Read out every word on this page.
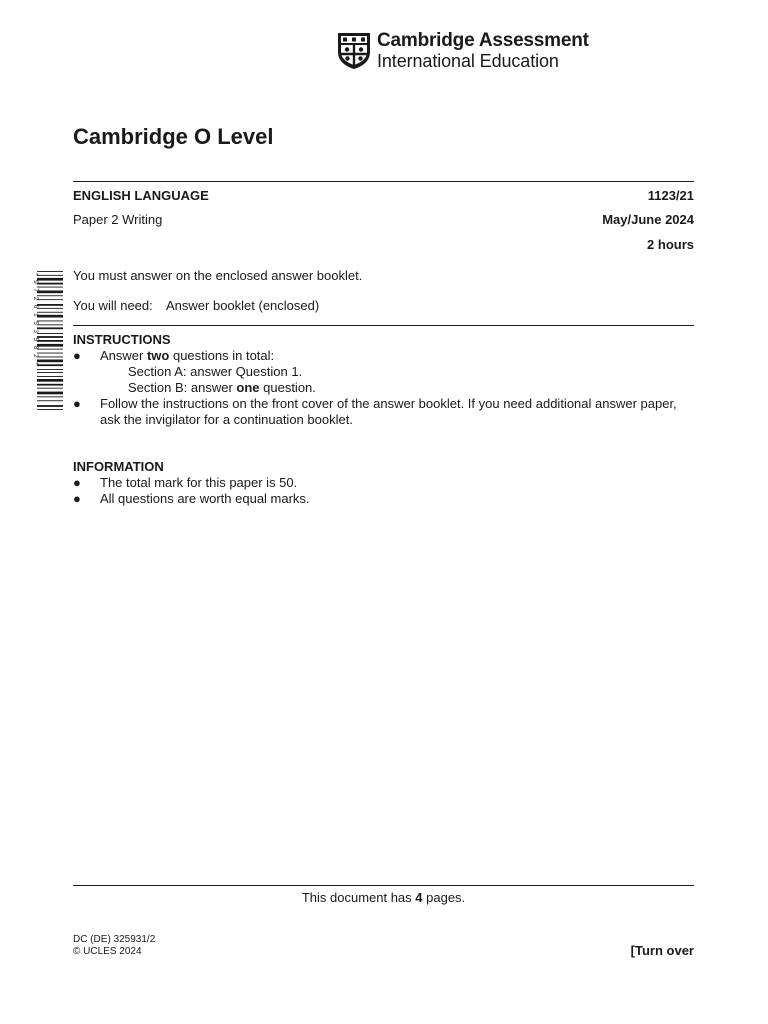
Cambridge Assessment
International Education
Cambridge O Level
ENGLISH LANGUAGE	1123/21
Paper 2 Writing	May/June 2024
2 hours
*9726153582*	You must answer on the enclosed answer booklet.
You will need: Answer booklet (enclosed)
INSTRUCTIONS
● Answer two questions in total:
Section A: answer Question 1.
Section B: answer one question.
● Follow the instructions on the front cover of the answer booklet. If you need additional answer paper,
ask the invigilator for a continuation booklet.
INFORMATION
● The total mark for this paper is 50.
● All questions are worth equal marks.
This document has 4 pages.
DC (DE) 325931/2
© UCLES 2024	[Turn over
